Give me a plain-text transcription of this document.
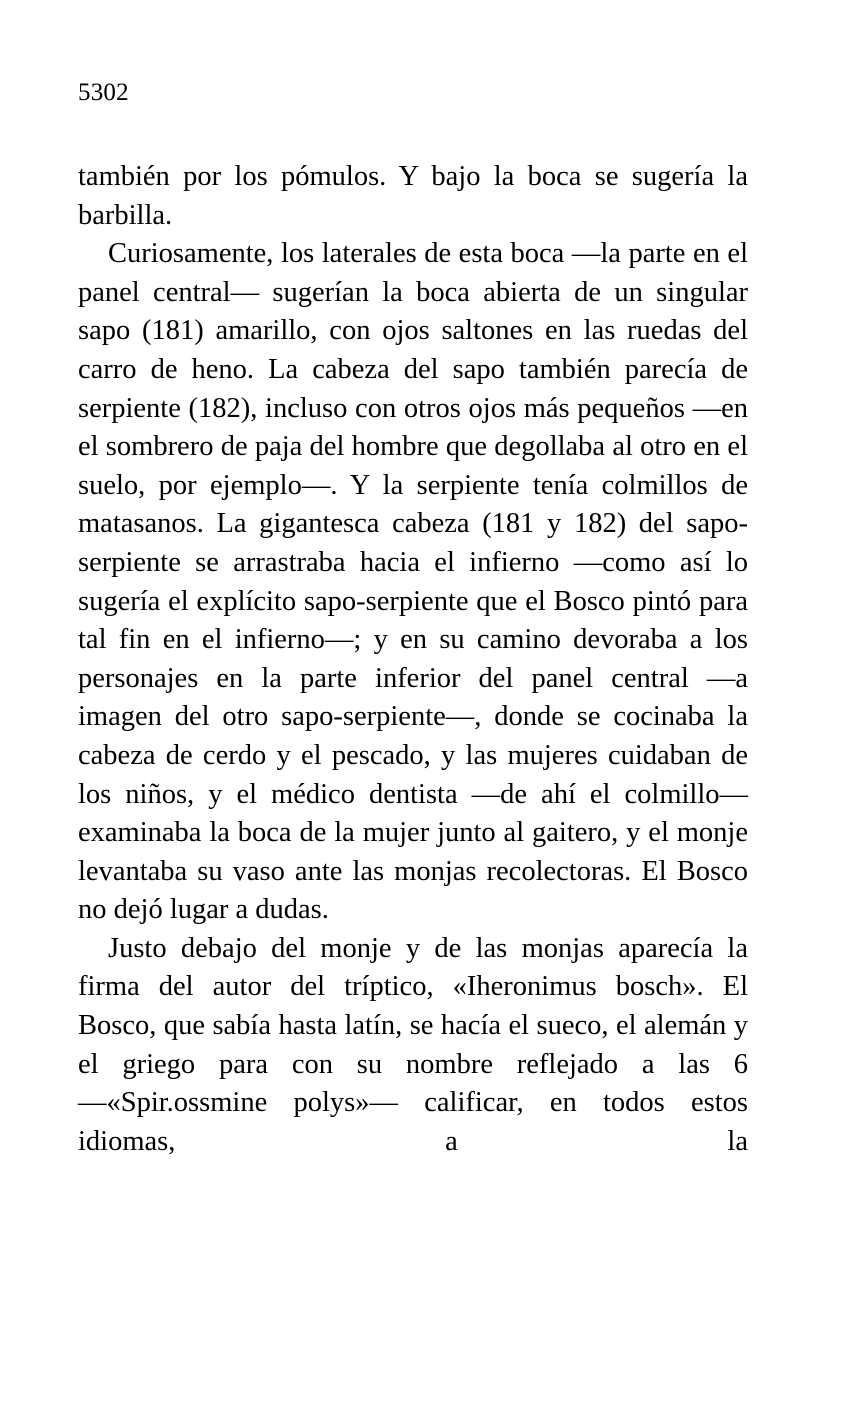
5302

también por los pómulos. Y bajo la boca se sugería la barbilla.

Curiosamente, los laterales de esta boca —la parte en el panel central— sugerían la boca abierta de un singular sapo (181) amarillo, con ojos saltones en las ruedas del carro de heno. La cabeza del sapo también parecía de serpiente (182), incluso con otros ojos más pequeños —en el sombrero de paja del hombre que degollaba al otro en el suelo, por ejemplo—. Y la serpiente tenía colmillos de matasanos. La gigantesca cabeza (181 y 182) del sapo-serpiente se arrastraba hacia el infierno —como así lo sugería el explícito sapo-serpiente que el Bosco pintó para tal fin en el infierno—; y en su camino devoraba a los personajes en la parte inferior del panel central —a imagen del otro sapo-serpiente—, donde se cocinaba la cabeza de cerdo y el pescado, y las mujeres cuidaban de los niños, y el médico dentista —de ahí el colmillo— examinaba la boca de la mujer junto al gaitero, y el monje levantaba su vaso ante las monjas recolectoras. El Bosco no dejó lugar a dudas.

Justo debajo del monje y de las monjas aparecía la firma del autor del tríptico, «Iheronimus bosch». El Bosco, que sabía hasta latín, se hacía el sueco, el alemán y el griego para con su nombre reflejado a las 6 —«Spir.ossmine polys»— calificar, en todos estos idiomas, a la
